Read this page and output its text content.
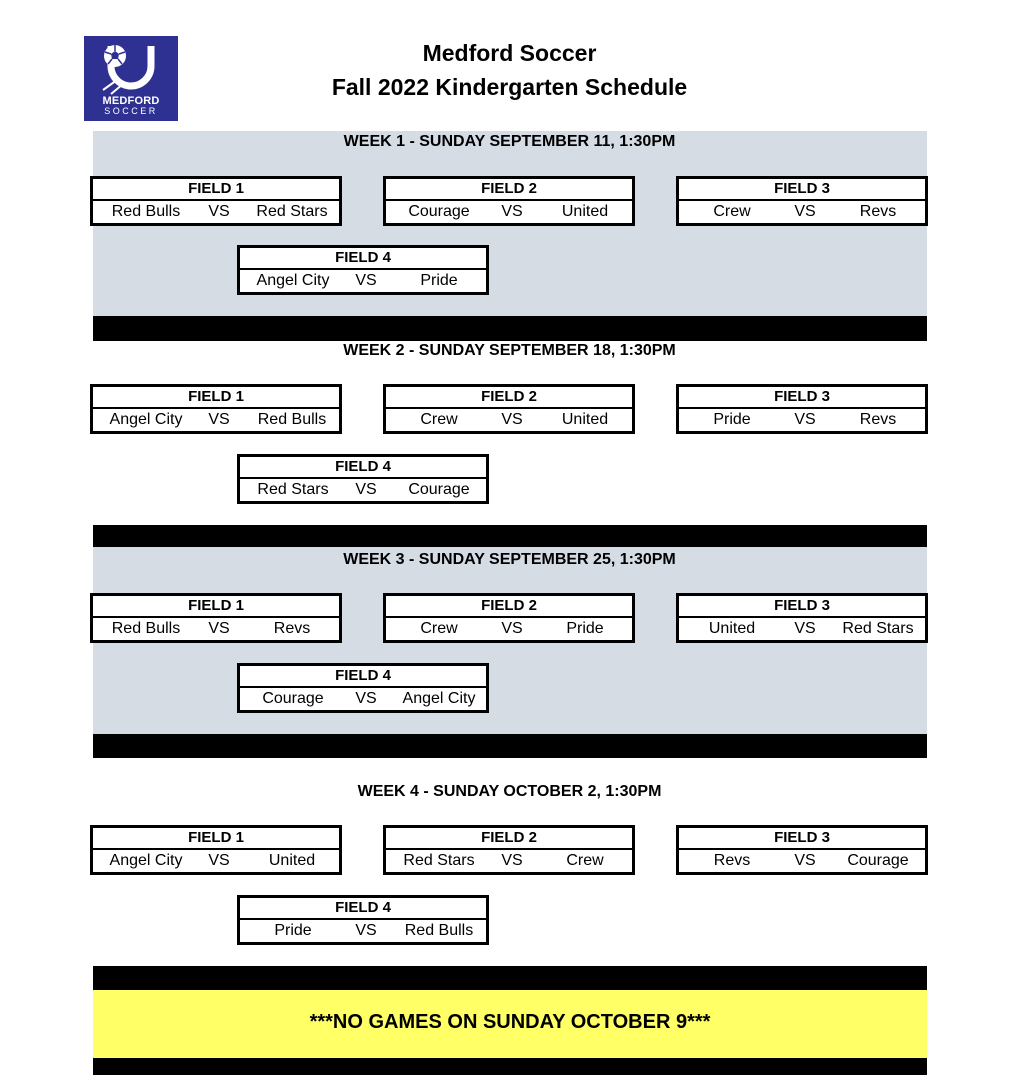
MEDFORD
SOCCER
Medford Soccer
Fall 2022 Kindergarten Schedule
WEEK 1 - SUNDAY SEPTEMBER 11, 1:30PM
FIELD 1
Red Bulls	VS	Red Stars
FIELD 2
Courage	VS	United
FIELD 3
Crew	VS	Revs
FIELD 4
Angel City	VS	Pride
WEEK 2 - SUNDAY SEPTEMBER 18, 1:30PM
FIELD 1
Angel City	VS	Red Bulls
FIELD 2
Crew	VS	United
FIELD 3
Pride	VS	Revs
FIELD 4
Red Stars	VS	Courage
WEEK 3 - SUNDAY SEPTEMBER 25, 1:30PM
FIELD 1
Red Bulls	VS	Revs
FIELD 2
Crew	VS	Pride
FIELD 3
United	VS	Red Stars
FIELD 4
Courage	VS	Angel City
WEEK 4 - SUNDAY OCTOBER 2, 1:30PM
FIELD 1
Angel City	VS	United
FIELD 2
Red Stars	VS	Crew
FIELD 3
Revs	VS	Courage
FIELD 4
Pride	VS	Red Bulls
***NO GAMES ON SUNDAY OCTOBER 9***
